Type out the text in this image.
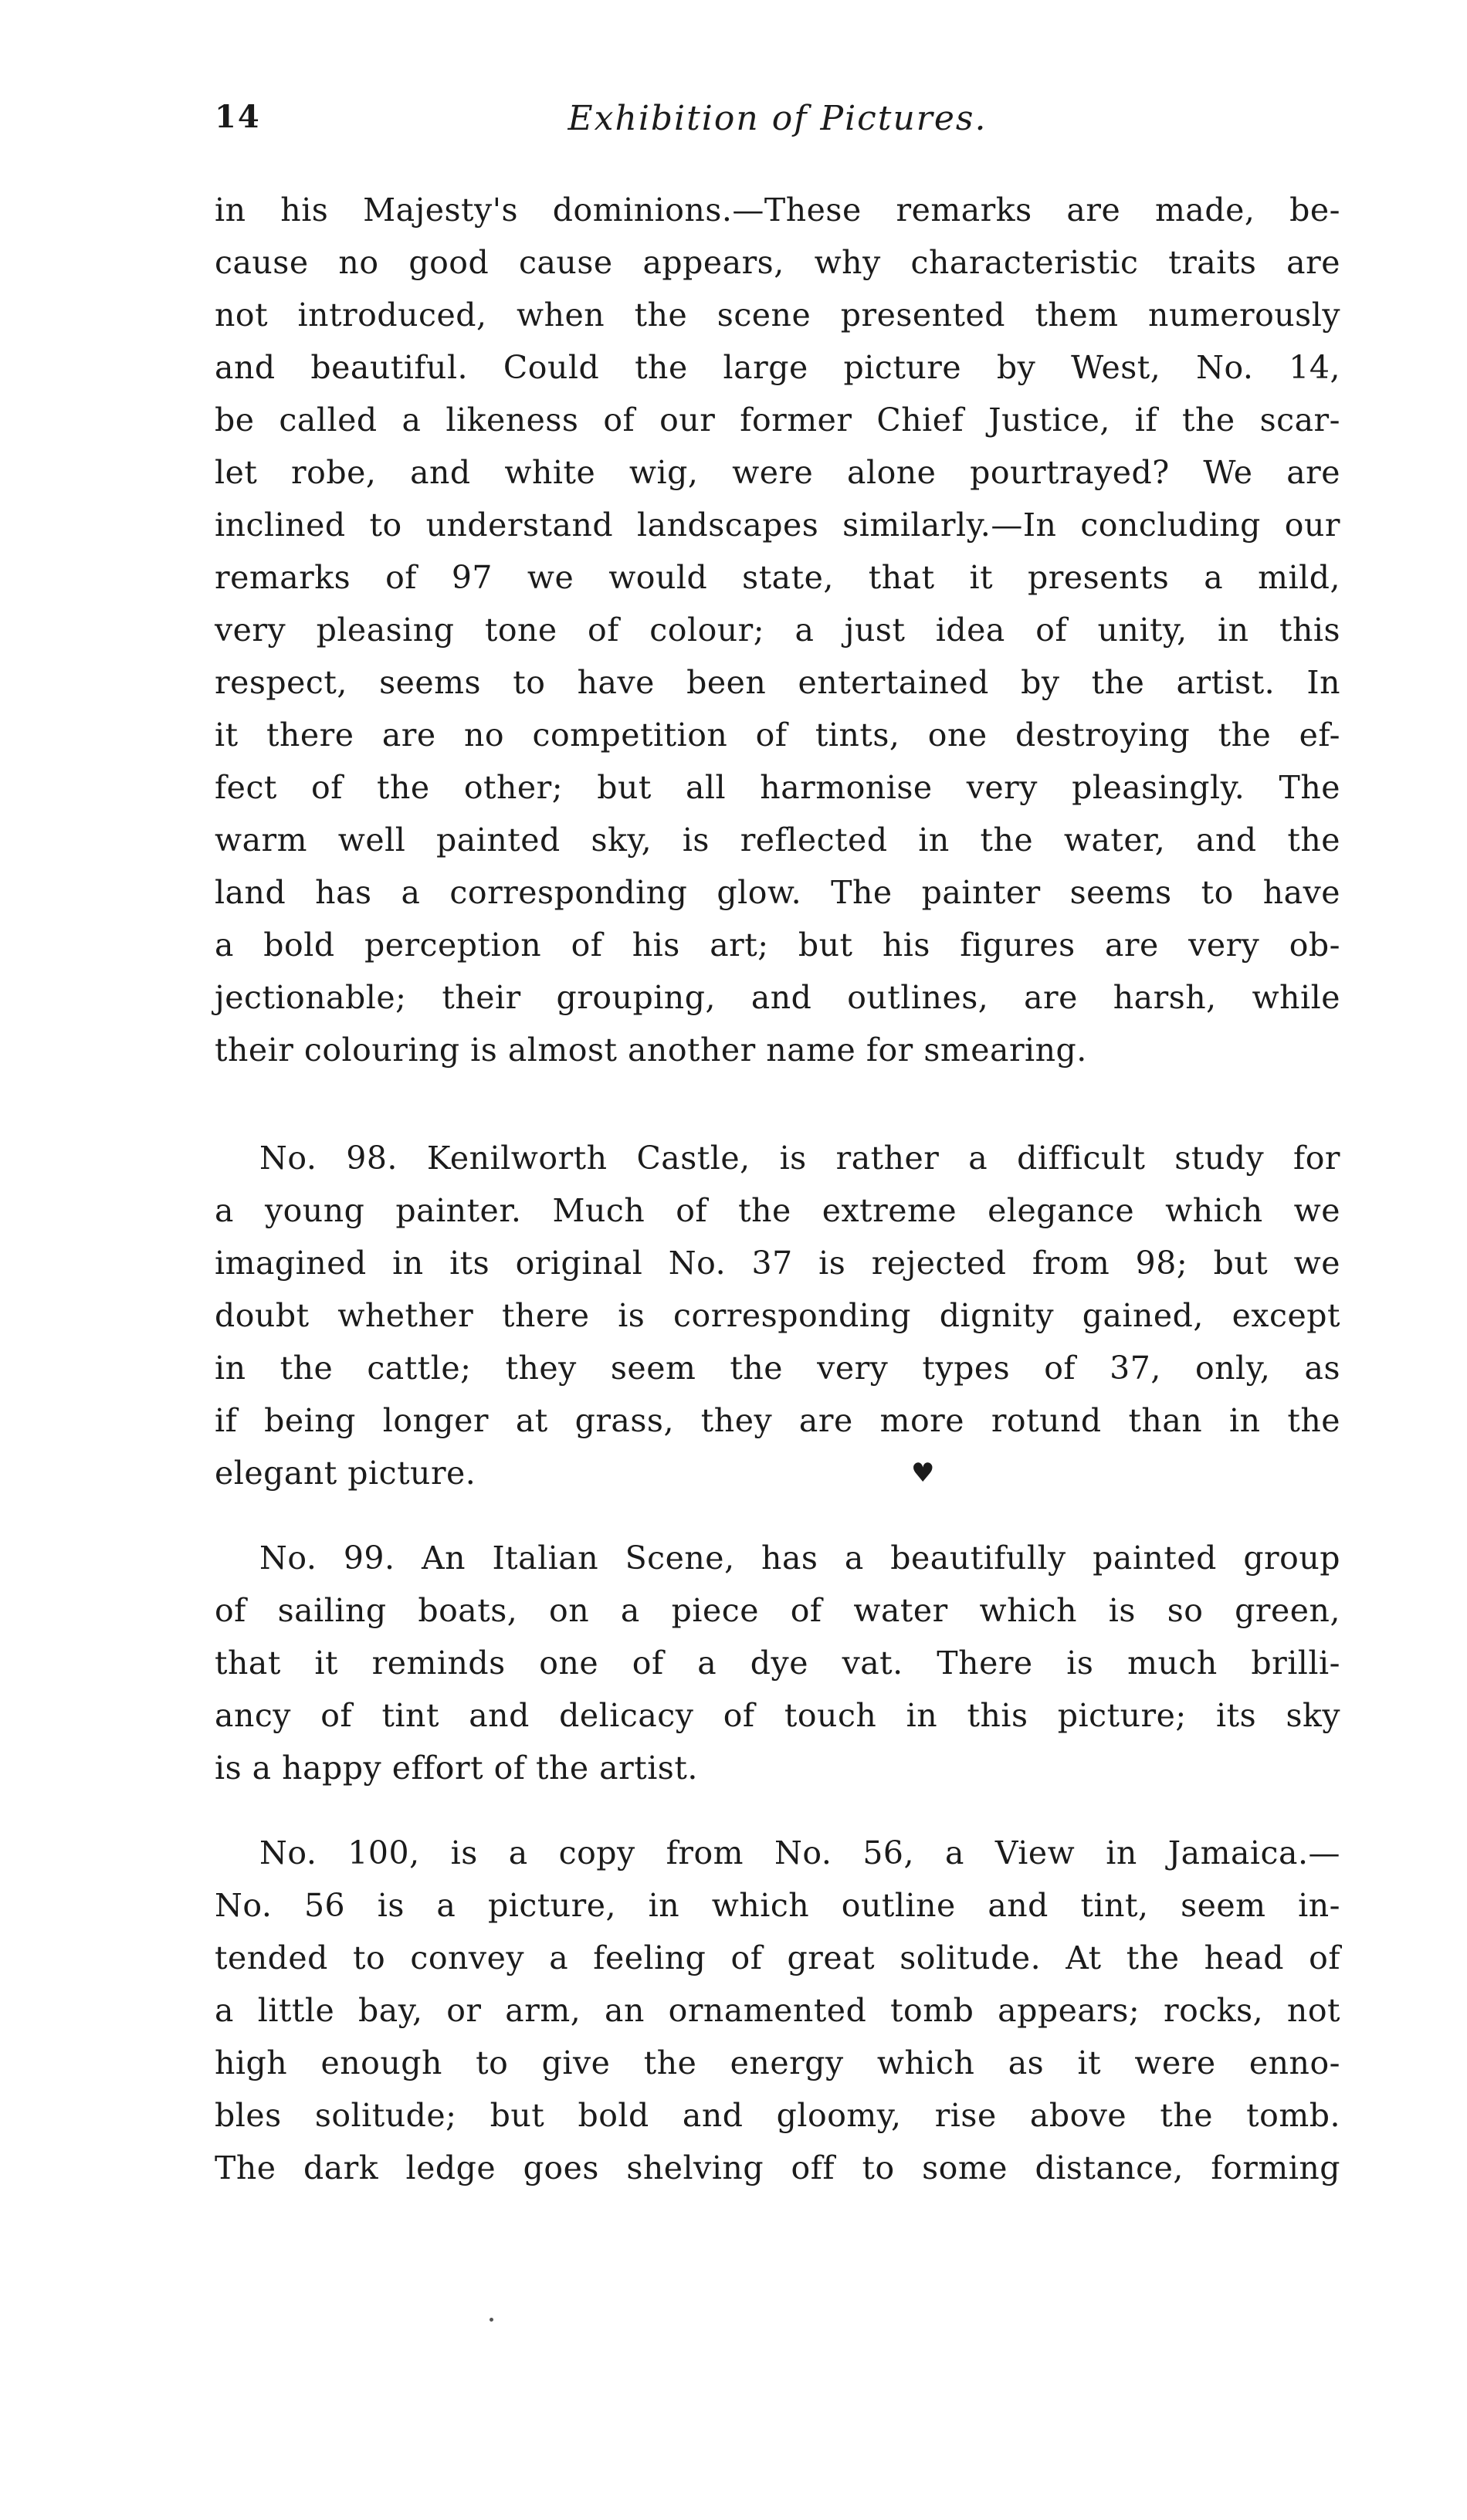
14	Exhibition of Pictures.
in his Majesty's dominions.—These remarks are made, be-
cause no good cause appears, why characteristic traits are
not introduced, when the scene presented them numerously
and beautiful. Could the large picture by West, No. 14,
be called a likeness of our former Chief Justice, if the scar-
let robe, and white wig, were alone pourtrayed? We are
inclined to understand landscapes similarly.—In concluding our
remarks of 97 we would state, that it presents a mild,
very pleasing tone of colour; a just idea of unity, in this
respect, seems to have been entertained by the artist. In
it there are no competition of tints, one destroying the ef-
fect of the other; but all harmonise very pleasingly. The
warm well painted sky, is reflected in the water, and the
land has a corresponding glow. The painter seems to have
a bold perception of his art; but his figures are very ob-
jectionable; their grouping, and outlines, are harsh, while
their colouring is almost another name for smearing.
No. 98. Kenilworth Castle, is rather a difficult study for
a young painter. Much of the extreme elegance which we
imagined in its original No. 37 is rejected from 98; but we
doubt whether there is corresponding dignity gained, except
in the cattle; they seem the very types of 37, only, as
if being longer at grass, they are more rotund than in the
elegant picture.
No. 99. An Italian Scene, has a beautifully painted group
of sailing boats, on a piece of water which is so green,
that it reminds one of a dye vat. There is much brilli-
ancy of tint and delicacy of touch in this picture; its sky
is a happy effort of the artist.
No. 100, is a copy from No. 56, a View in Jamaica.—
No. 56 is a picture, in which outline and tint, seem in-
tended to convey a feeling of great solitude. At the head of
a little bay, or arm, an ornamented tomb appears; rocks, not
high enough to give the energy which as it were enno-
bles solitude; but bold and gloomy, rise above the tomb.
The dark ledge goes shelving off to some distance, forming
♥
